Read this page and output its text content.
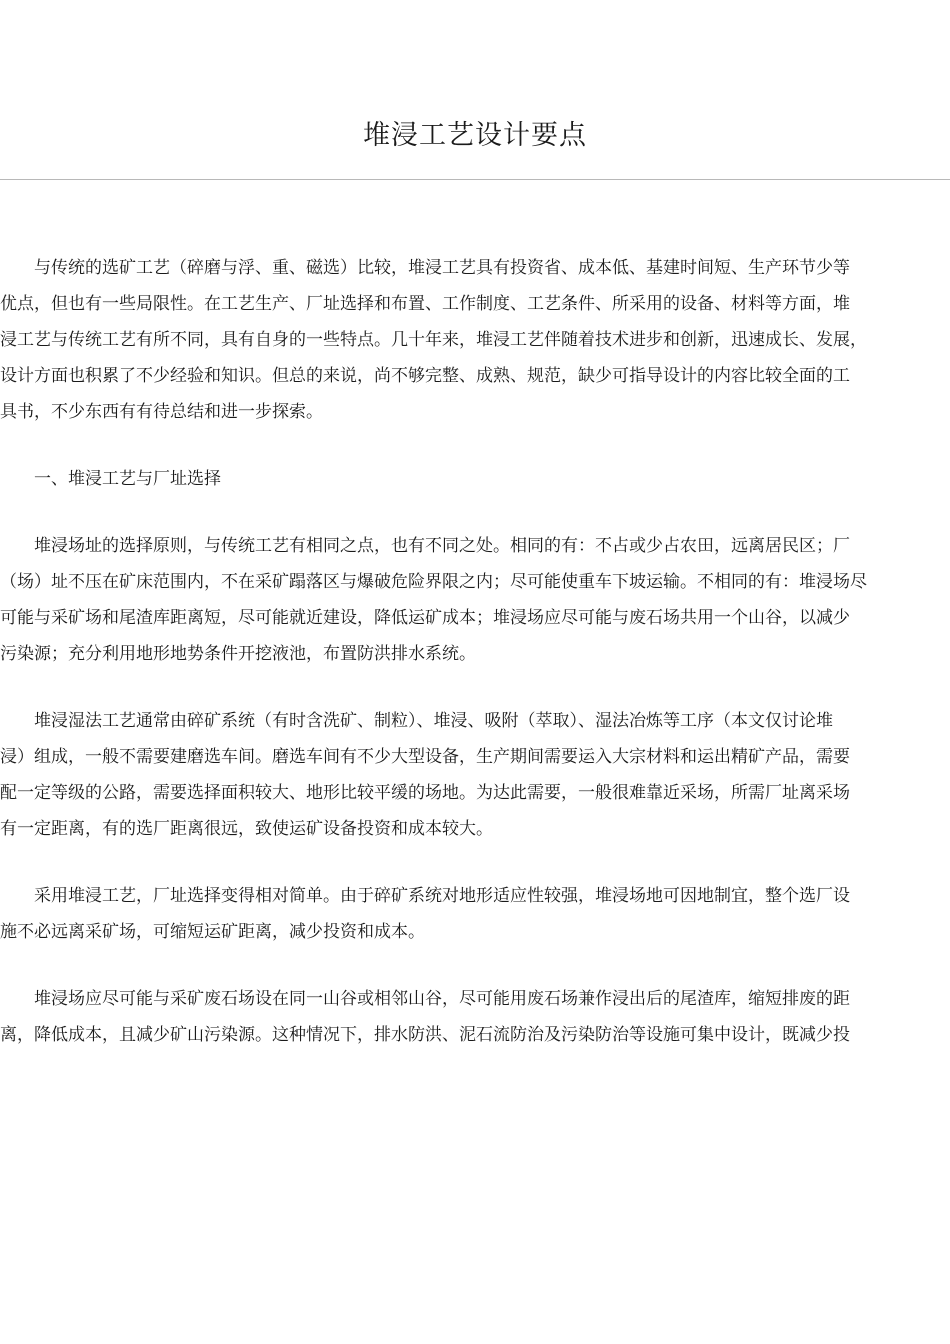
堆浸工艺设计要点
与传统的选矿工艺（碎磨与浮、重、磁选）比较，堆浸工艺具有投资省、成本低、基建时间短、生产环节少等
优点，但也有一些局限性。在工艺生产、厂址选择和布置、工作制度、工艺条件、所采用的设备、材料等方面，堆
浸工艺与传统工艺有所不同，具有自身的一些特点。几十年来，堆浸工艺伴随着技术进步和创新，迅速成长、发展，
设计方面也积累了不少经验和知识。但总的来说，尚不够完整、成熟、规范，缺少可指导设计的内容比较全面的工
具书，不少东西有有待总结和进一步探索。
一、堆浸工艺与厂址选择
堆浸场址的选择原则，与传统工艺有相同之点，也有不同之处。相同的有：不占或少占农田，远离居民区；厂
（场）址不压在矿床范围内，不在采矿蹋落区与爆破危险界限之内；尽可能使重车下坡运输。不相同的有：堆浸场尽
可能与采矿场和尾渣库距离短，尽可能就近建设，降低运矿成本；堆浸场应尽可能与废石场共用一个山谷，以减少
污染源；充分利用地形地势条件开挖液池，布置防洪排水系统。
堆浸湿法工艺通常由碎矿系统（有时含洗矿、制粒）、堆浸、吸附（萃取）、湿法冶炼等工序（本文仅讨论堆
浸）组成，一般不需要建磨选车间。磨选车间有不少大型设备，生产期间需要运入大宗材料和运出精矿产品，需要
配一定等级的公路，需要选择面积较大、地形比较平缓的场地。为达此需要，一般很难靠近采场，所需厂址离采场
有一定距离，有的选厂距离很远，致使运矿设备投资和成本较大。
采用堆浸工艺，厂址选择变得相对简单。由于碎矿系统对地形适应性较强，堆浸场地可因地制宜，整个选厂设
施不必远离采矿场，可缩短运矿距离，减少投资和成本。
堆浸场应尽可能与采矿废石场设在同一山谷或相邻山谷，尽可能用废石场兼作浸出后的尾渣库，缩短排废的距
离，降低成本，且减少矿山污染源。这种情况下，排水防洪、泥石流防治及污染防治等设施可集中设计，既减少投
